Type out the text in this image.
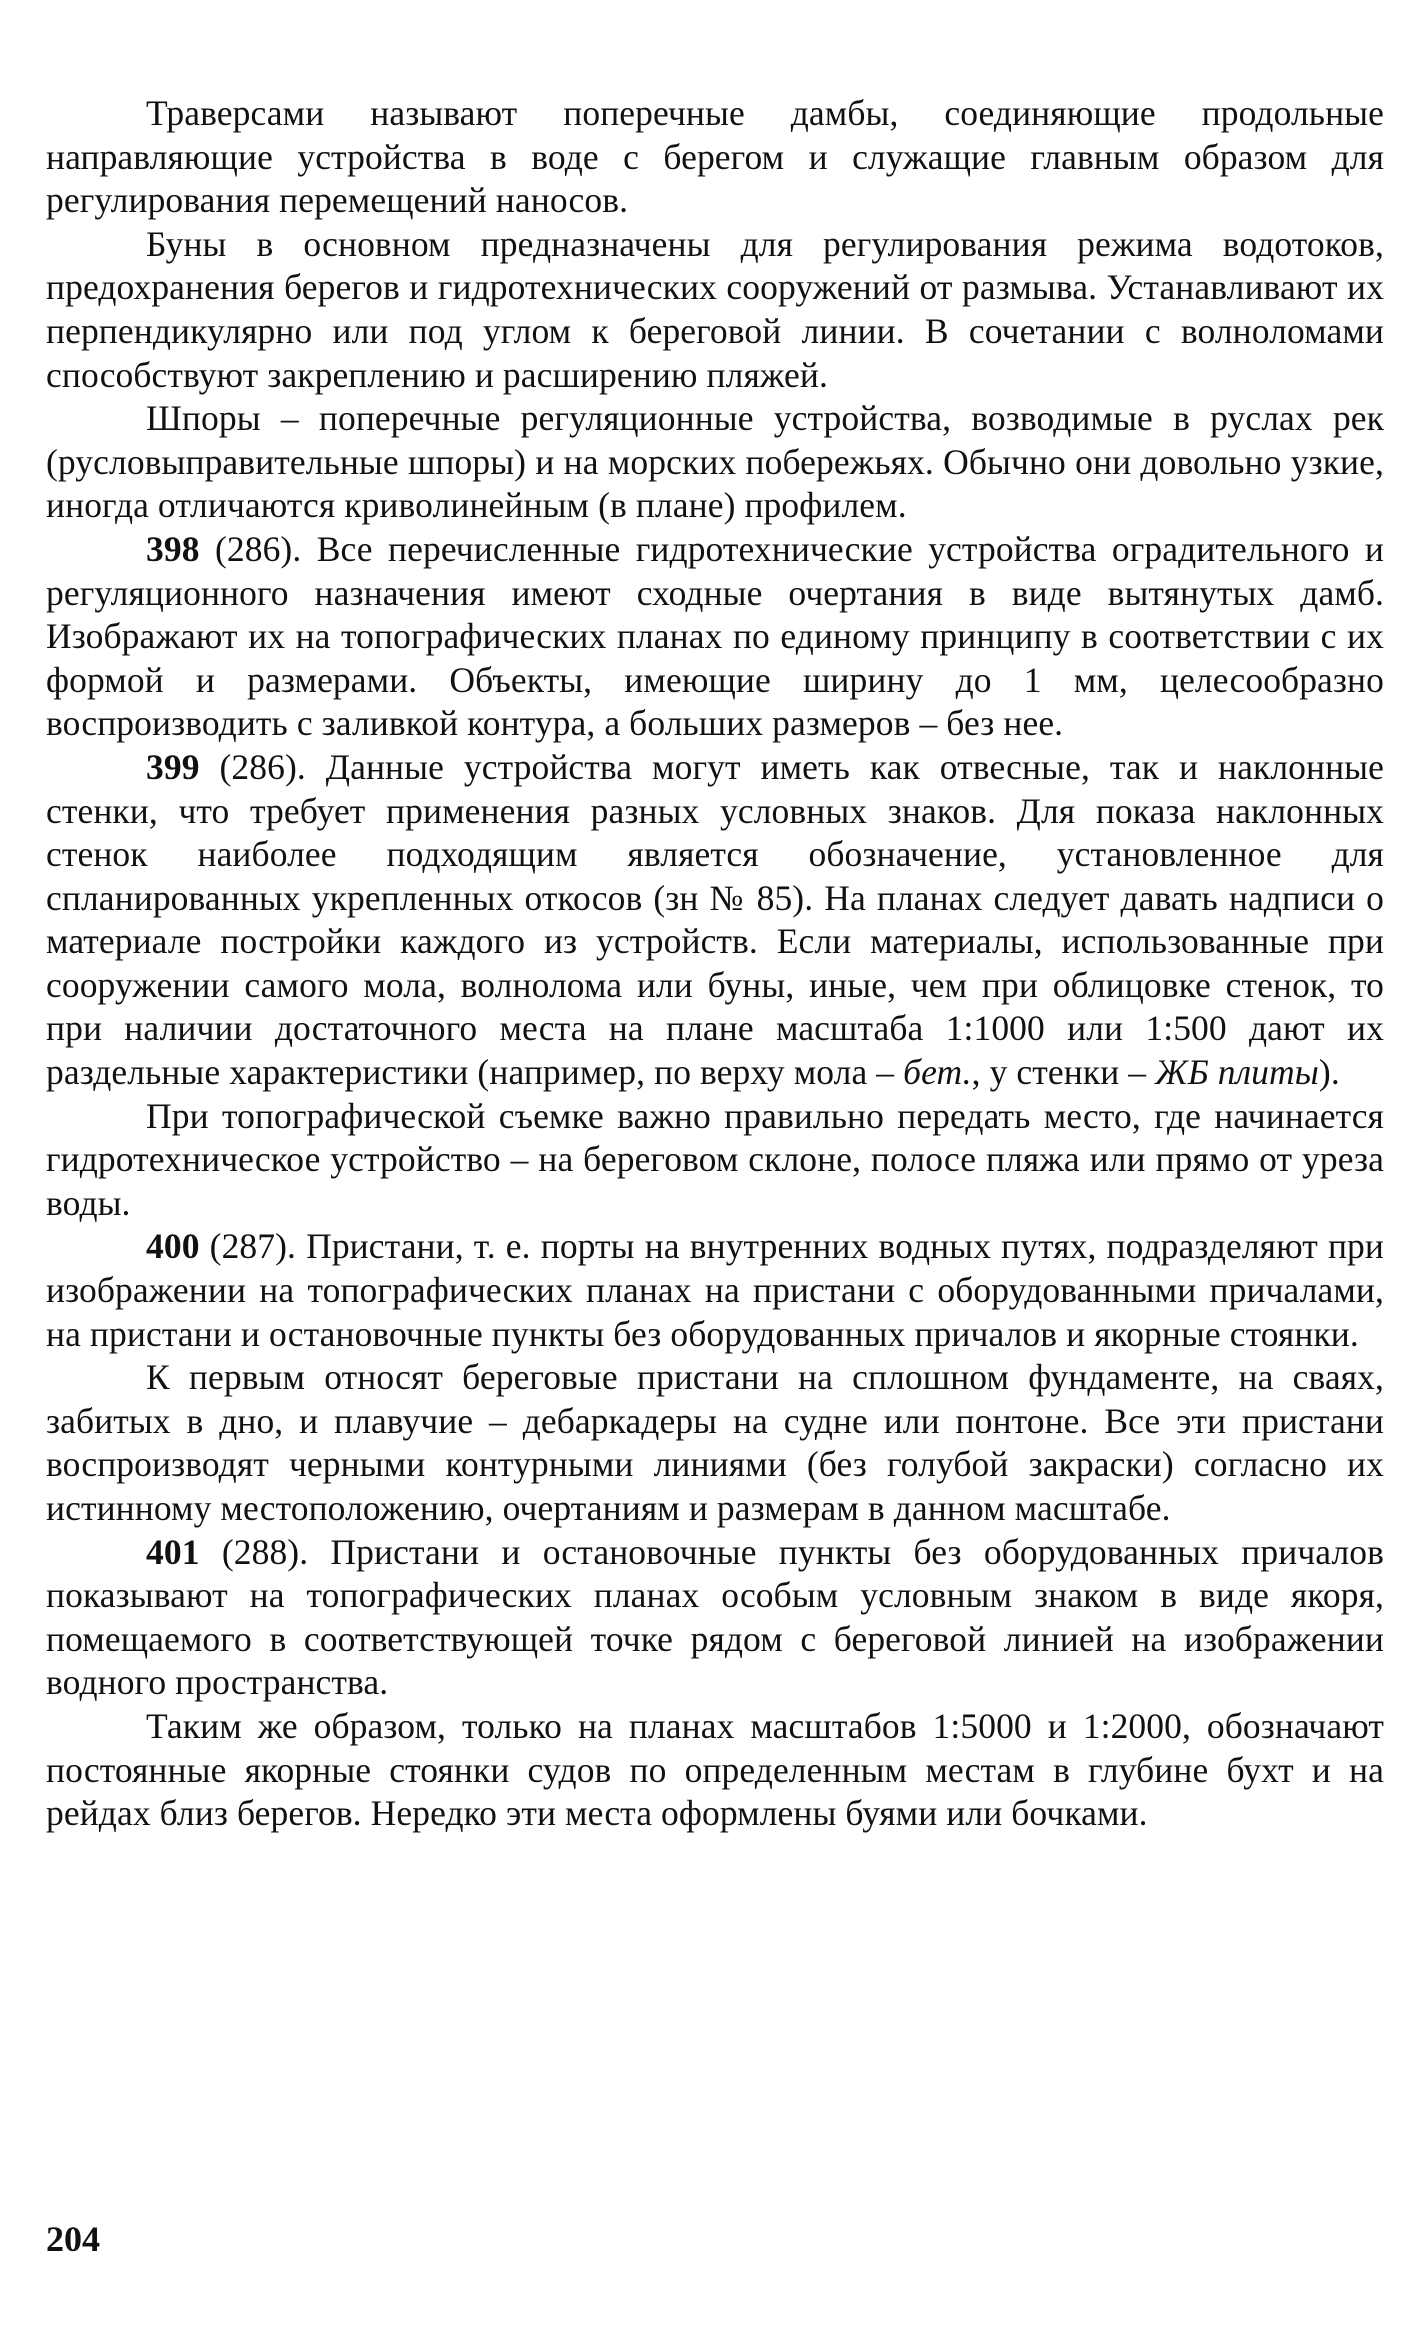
Траверсами называют поперечные дамбы, соединяющие продольные направляющие устройства в воде с берегом и служащие главным образом для регулирования перемещений наносов.

Буны в основном предназначены для регулирования режима водотоков, предохранения берегов и гидротехнических сооружений от размыва. Устанавливают их перпендикулярно или под углом к береговой линии. В сочетании с волноломами способствуют закреплению и расширению пляжей.

Шпоры – поперечные регуляционные устройства, возводимые в руслах рек (русловыправительные шпоры) и на морских побережьях. Обычно они довольно узкие, иногда отличаются криволинейным (в плане) профилем.

398 (286). Все перечисленные гидротехнические устройства оградительного и регуляционного назначения имеют сходные очертания в виде вытянутых дамб. Изображают их на топографических планах по единому принципу в соответствии с их формой и размерами. Объекты, имеющие ширину до 1 мм, целесообразно воспроизводить с заливкой контура, а больших размеров – без нее.

399 (286). Данные устройства могут иметь как отвесные, так и наклонные стенки, что требует применения разных условных знаков. Для показа наклонных стенок наиболее подходящим является обозначение, установленное для спланированных укрепленных откосов (зн № 85). На планах следует давать надписи о материале постройки каждого из устройств. Если материалы, использованные при сооружении самого мола, волнолома или буны, иные, чем при облицовке стенок, то при наличии достаточного места на плане масштаба 1:1000 или 1:500 дают их раздельные характеристики (например, по верху мола – бет., у стенки – ЖБ плиты).

При топографической съемке важно правильно передать место, где начинается гидротехническое устройство – на береговом склоне, полосе пляжа или прямо от уреза воды.

400 (287). Пристани, т. е. порты на внутренних водных путях, подразделяют при изображении на топографических планах на пристани с оборудованными причалами, на пристани и остановочные пункты без оборудованных причалов и якорные стоянки.

К первым относят береговые пристани на сплошном фундаменте, на сваях, забитых в дно, и плавучие – дебаркадеры на судне или понтоне. Все эти пристани воспроизводят черными контурными линиями (без голубой закраски) согласно их истинному местоположению, очертаниям и размерам в данном масштабе.

401 (288). Пристани и остановочные пункты без оборудованных причалов показывают на топографических планах особым условным знаком в виде якоря, помещаемого в соответствующей точке рядом с береговой линией на изображении водного пространства.

Таким же образом, только на планах масштабов 1:5000 и 1:2000, обозначают постоянные якорные стоянки судов по определенным местам в глубине бухт и на рейдах близ берегов. Нередко эти места оформлены буями или бочками.

204
